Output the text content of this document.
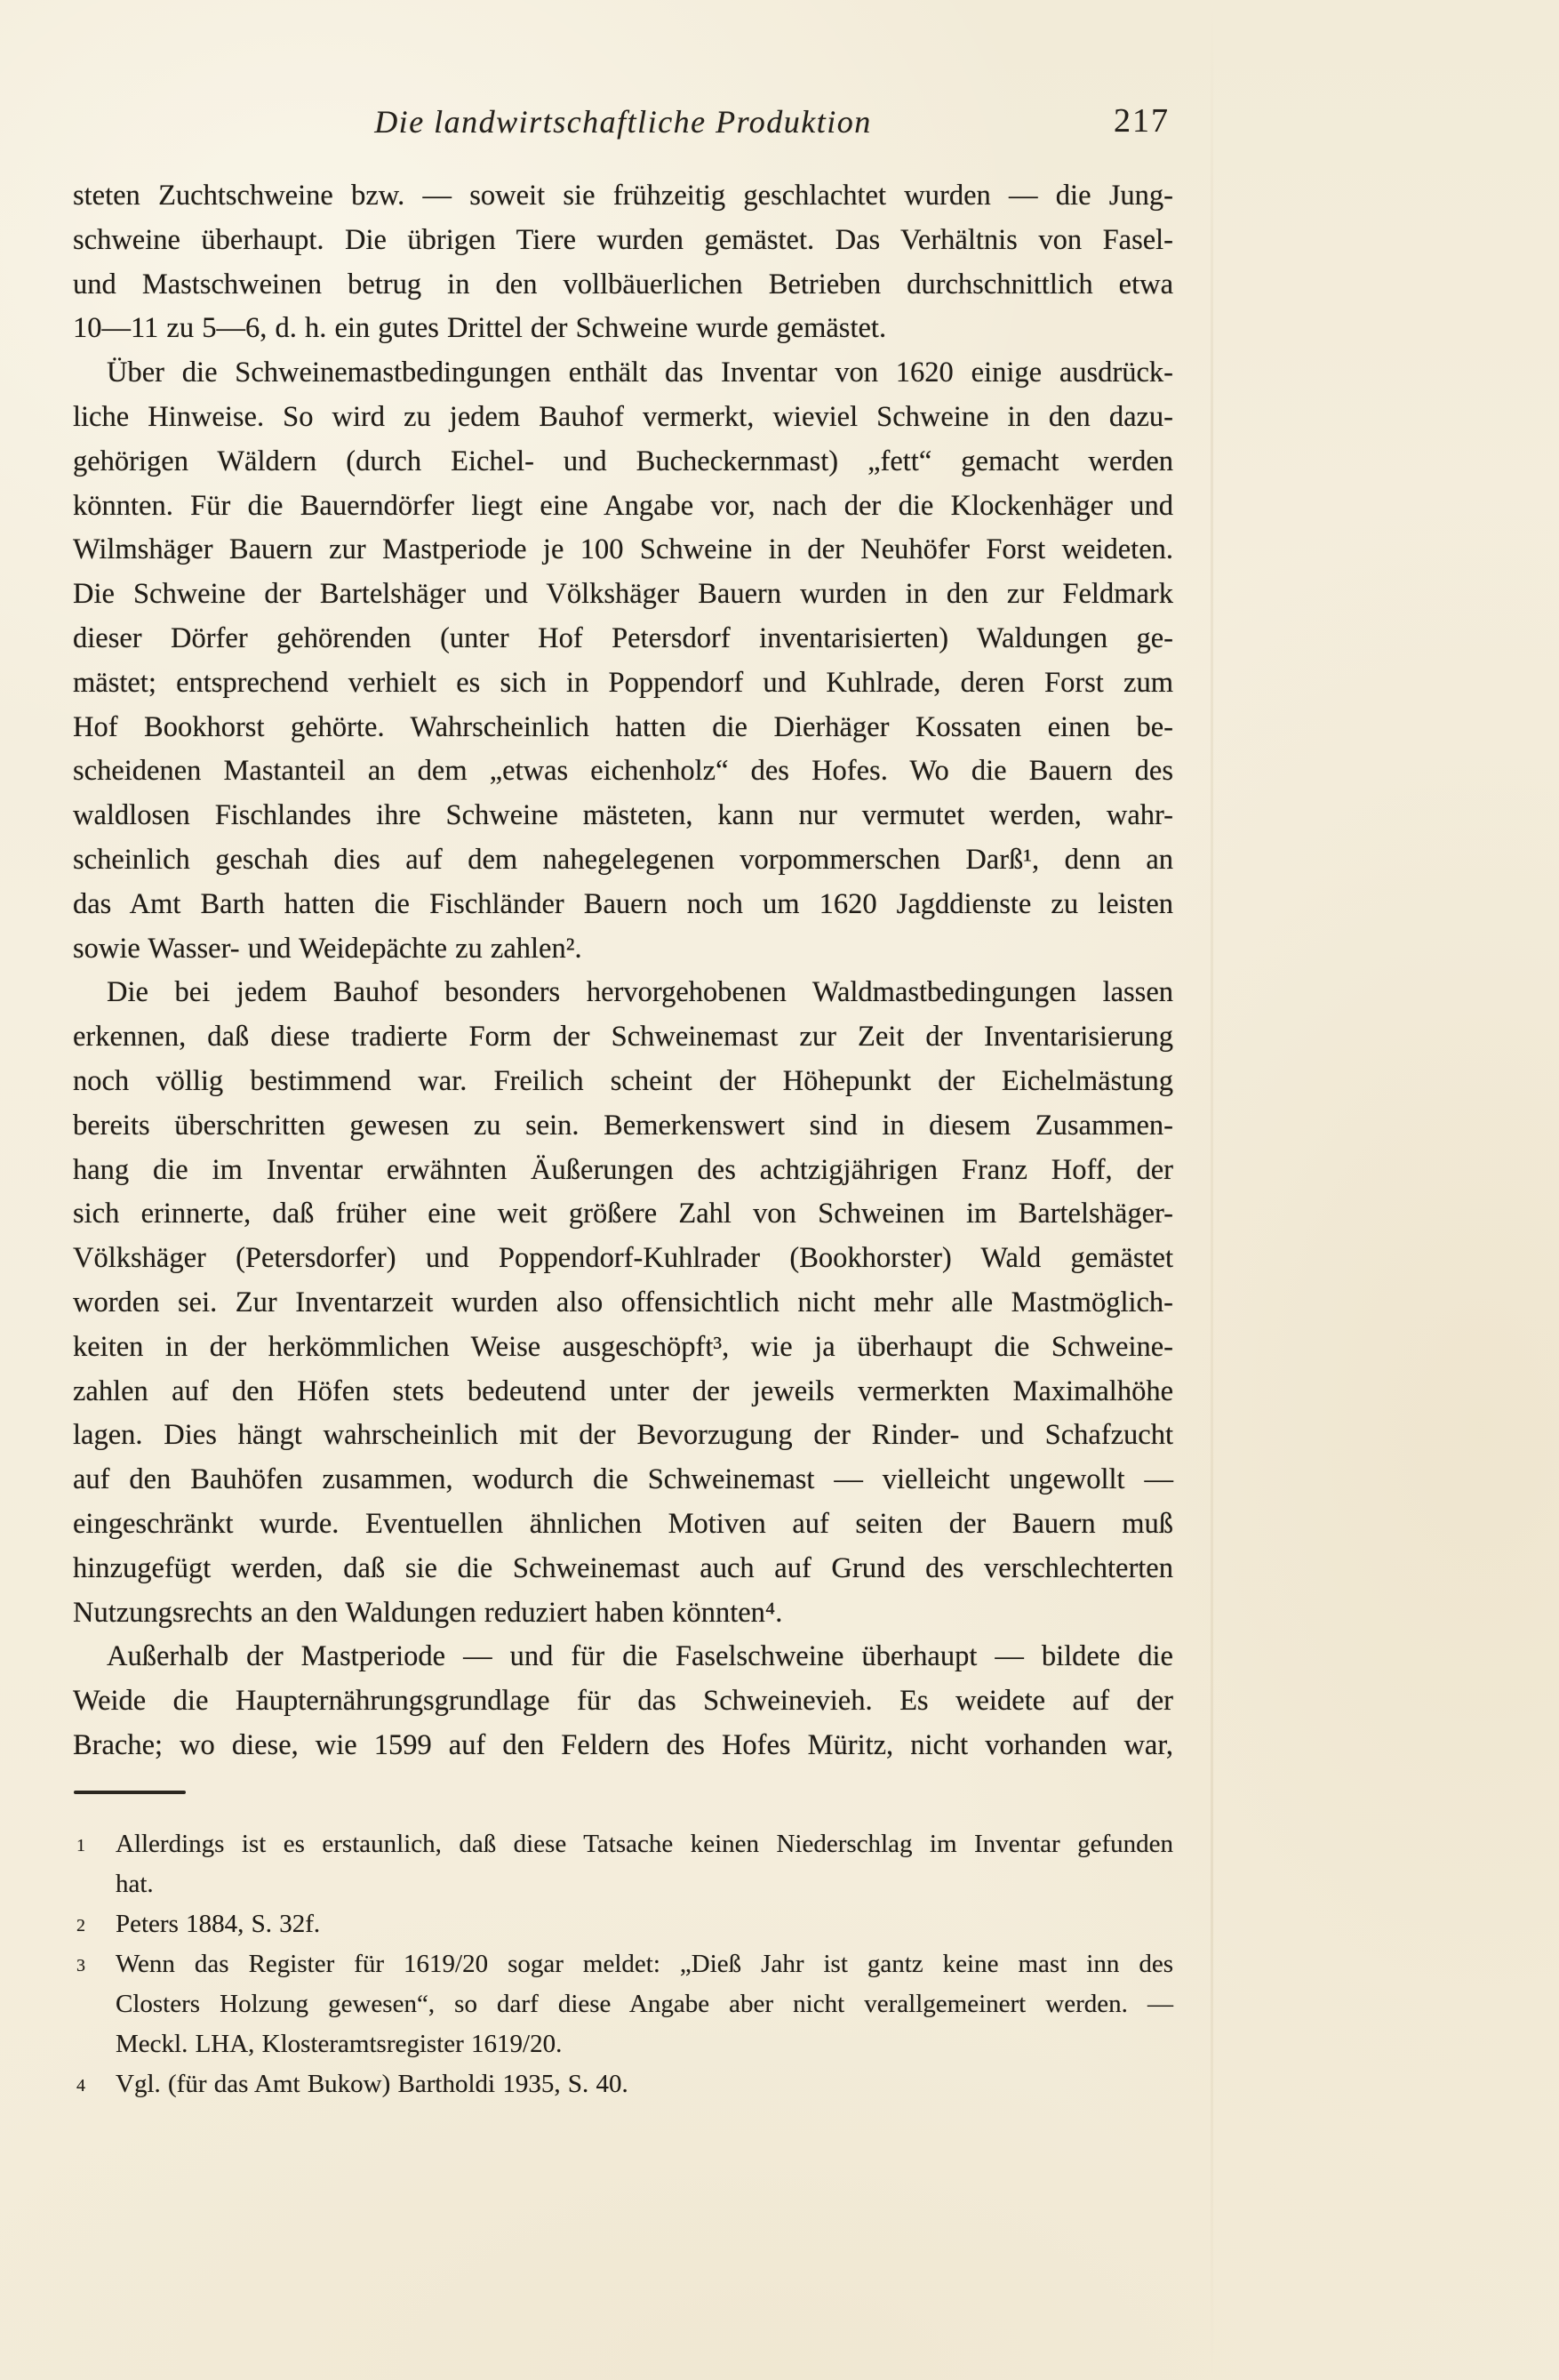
Die landwirtschaftliche Produktion	217
steten Zuchtschweine bzw. — soweit sie frühzeitig geschlachtet wurden — die Jung-
schweine überhaupt. Die übrigen Tiere wurden gemästet. Das Verhältnis von Fasel-
und Mastschweinen betrug in den vollbäuerlichen Betrieben durchschnittlich etwa
10—11 zu 5—6, d. h. ein gutes Drittel der Schweine wurde gemästet.
Über die Schweinemastbedingungen enthält das Inventar von 1620 einige ausdrück-
liche Hinweise. So wird zu jedem Bauhof vermerkt, wieviel Schweine in den dazu-
gehörigen Wäldern (durch Eichel- und Bucheckernmast) „fett“ gemacht werden
könnten. Für die Bauerndörfer liegt eine Angabe vor, nach der die Klockenhäger und
Wilmshäger Bauern zur Mastperiode je 100 Schweine in der Neuhöfer Forst weideten.
Die Schweine der Bartelshäger und Völkshäger Bauern wurden in den zur Feldmark
dieser Dörfer gehörenden (unter Hof Petersdorf inventarisierten) Waldungen ge-
mästet; entsprechend verhielt es sich in Poppendorf und Kuhlrade, deren Forst zum
Hof Bookhorst gehörte. Wahrscheinlich hatten die Dierhäger Kossaten einen be-
scheidenen Mastanteil an dem „etwas eichenholz“ des Hofes. Wo die Bauern des
waldlosen Fischlandes ihre Schweine mästeten, kann nur vermutet werden, wahr-
scheinlich geschah dies auf dem nahegelegenen vorpommerschen Darß¹, denn an
das Amt Barth hatten die Fischländer Bauern noch um 1620 Jagddienste zu leisten
sowie Wasser- und Weidepächte zu zahlen².
Die bei jedem Bauhof besonders hervorgehobenen Waldmastbedingungen lassen
erkennen, daß diese tradierte Form der Schweinemast zur Zeit der Inventarisierung
noch völlig bestimmend war. Freilich scheint der Höhepunkt der Eichelmästung
bereits überschritten gewesen zu sein. Bemerkenswert sind in diesem Zusammen-
hang die im Inventar erwähnten Äußerungen des achtzigjährigen Franz Hoff, der
sich erinnerte, daß früher eine weit größere Zahl von Schweinen im Bartelshäger-
Völkshäger (Petersdorfer) und Poppendorf-Kuhlrader (Bookhorster) Wald gemästet
worden sei. Zur Inventarzeit wurden also offensichtlich nicht mehr alle Mastmöglich-
keiten in der herkömmlichen Weise ausgeschöpft³, wie ja überhaupt die Schweine-
zahlen auf den Höfen stets bedeutend unter der jeweils vermerkten Maximalhöhe
lagen. Dies hängt wahrscheinlich mit der Bevorzugung der Rinder- und Schafzucht
auf den Bauhöfen zusammen, wodurch die Schweinemast — vielleicht ungewollt —
eingeschränkt wurde. Eventuellen ähnlichen Motiven auf seiten der Bauern muß
hinzugefügt werden, daß sie die Schweinemast auch auf Grund des verschlechterten
Nutzungsrechts an den Waldungen reduziert haben könnten⁴.
Außerhalb der Mastperiode — und für die Faselschweine überhaupt — bildete die
Weide die Haupternährungsgrundlage für das Schweinevieh. Es weidete auf der
Brache; wo diese, wie 1599 auf den Feldern des Hofes Müritz, nicht vorhanden war,
1 Allerdings ist es erstaunlich, daß diese Tatsache keinen Niederschlag im Inventar gefunden
hat.
2 Peters 1884, S. 32f.
3 Wenn das Register für 1619/20 sogar meldet: „Dieß Jahr ist gantz keine mast inn des
Closters Holzung gewesen“, so darf diese Angabe aber nicht verallgemeinert werden. —
Meckl. LHA, Klosteramtsregister 1619/20.
4 Vgl. (für das Amt Bukow) Bartholdi 1935, S. 40.
